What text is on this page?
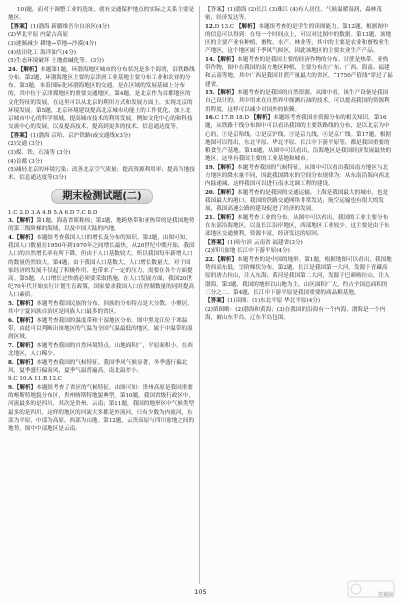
10)题，而对于调整工业的选址，就有交通保护地点的实际之关系主要是地区。

【答案】(1)渤海 新疆维吾尔自治区(4分)

(2)华北平原 内蒙古高原

(3)逐渐减少 耕地→草地→沙漠(4分)

(4)盐田化工 海洋油气(4分)

(5)生态环境破坏 土地盐碱化等。(3分)

24.【解析】本题第1题，环渤海地区城市的分布状况是多个海湾，沿铁路线分布。第2题，环渤海地区主要的京津唐工业基地主要分布工业和农业的分布。第3题，本着国际化环渤海地区的交通，是在区域的发展基础上分布的，其中位于京津冀地区的重要交通地区。第4题，是北京作为首都地区的文化特征的发展，在这里可以从北京的利用方式和发展方面上，实现北京的环境发展。第5题，北京环境建设提高北京城市功能上的工作优化，加上北京城市中心的科学领域，提高城市技术的利用发展，例如文化中心的和科技交流中心的发展，以及提高技术，提高到更多的技术、信息通达度等。

【答案】(1)渤海 京哈、京沪铁路(或交通线)(3分)

(2)交通 (3分)

(3)煤、铁、石油等 (3分)

(4)首都 (3分)

(5)减轻北京的环境污染；改善北京空气质量；提高资源利用率；提高当地技术、信息通达度等(3分)

期末检测试题(二)

1.C 2.D 3.A 4.B 5.A 6.D 7.C 8.D

3.【解析】第1题，海南省简称琼；第2题，地跨热带和亚热带的是我国地势的第三级阶梯的海域，以及中国大陆的内地。

4.【解析】本题组考查我国人口的增长及分布的知识。第3题，由图可知，我国人口数量在1950年到1970年之间增长最快，从20世纪中期开始，我国人口的自然增长率有所下降，但由于人口基数较大，所以我国每年新增人口的数量仍然较大。第4题，由于我国人口基数大，人口增长数量大，对于国家经济的发展不仅起了积极作用，也带来了一定的压力，需要在各个方面提高。第5题，人口增长过快就必须要采取措施，在人口发展方面，我国20世纪70年代开始实行计划生育政策，国家要求我国人口在控制数量的同时提高人口素质。

5.【解析】本题考查我国民族的分布。回族的分布特点是大分散、小聚居，其中宁夏回族自治区是回族人口最多的省区。

6.【解析】本题考查我国的温度带和干湿地区分布。图中黑龙江位于寒温带，由此可以判断出该地区的气温为全国气温最低的地区，属于中温带的湿润区域。

7.【解析】本题考查我国的自然环境特点。山地面积广，平原面积小，在西北地区，人口稀少。

8.【解析】本题考查我国的气候特征。我国季风气候显著，冬季盛行偏北风，夏季盛行偏南风，夏季气温普遍高，南北温差小。

9.C 10.A 11.B 12.C

9.【解析】本题组考查了省区的气候特征，由图可知：贵州高原是我国重要的喀斯特地貌分布区，贵州喀斯特地貌典型。第10题，我国省级行政区中，河流最多的是四川，其次是贵州、云南；第11题，我国的地形区中气候类型最多的是四川，这样的地区的河流大多都是外流河，只有少数为内流河，东部为平原，中部为高原，西部为山地。第12题，云贵高原与四川盆地之间的地势，图中中部地区是云南。

【答案】(1)渤海 (2)长江 (3)珠江 (4)有人居住，气候温暖湿润，森林茂密，经济发达等。

12.D 13.C 【解析】本题组考查的是学生的读图能力。第12题，根据图中的信息可以得到：在每一个时间点上，可以对比图中的数据。第13题，该地区的主要产业有种植、畜牧、水产、林业等，其中的主要是农业和畜牧业生产地区，这个地区属于季风气候区，因此该地区的主要农业生产产品。

14.【解析】本题考查的是我国主要的经济作物的分布。甘蔗是热带、亚热带作物，图中在我国的南方地区种植，主要分布在广东、广西、海南、福建和云南等地，其中广西是我国甘蔗产量最大的省区，“1750产值线”穿过了福建省。

15.【解析】本题考查的是我国的自然资源。从图中看，该生产设备是我国自己设计的，其中用来在自然界中探测石油的技术，可以提高我国的资源利用程度，这样可以减少对国外的依赖。

16.C 17.B 18.D 【解析】本题组考查我国水资源分布的相关知识。第16题，从铁路干线分布图中可以看出我国的主要铁路线的分布，是以北京为中心的，①是京哈线，②是京沪线，③是京九线，④是京广线。第17题，根据地图可以得出，东北平原、华北平原、长江中下游平原等，都是我国重要的粮食生产基地。第18题，从图中可以看出，沿海地区是我国经济发展最快的地区，这里有我国主要的工业基地和城市。

19.【解析】本题考查我国的气候特征。从图中可以看出我国南方地区与北方地区的降水量不同，因此我国降水的空间分布规律为：从东南沿海向西北内陆递减，这样我国可以进行南水北调工程的建设。

20.【解析】本题考查的是我国的交通运输。上海是我国最大的城市，也是我国最大的港口，我国的铁路交通网络非常发达，航空运输也有很大的发展，我国高速公路的建设促进了经济的发展。

21.【解析】本题考查工业的分布。从图中可以看出，我国的工业主要分布在东部沿海地区，以及长江沿岸地区，西部地区工业较少。这主要是由于东部地区交通便利，资源丰富，经济发达的原因。

【答案】(1)哈尔滨 云南省 福建省(3分)

(2)四川盆地 长江中下游平原(4分)

22.【解析】本题考查的是中国的地形。第1题，根据地图可以看出，我国地势西高东低，呈阶梯状分布。第2题，长江是我国第一大河，发源于青藏高原的唐古拉山，注入东海；黄河是我国第二大河，发源于巴颜喀拉山，注入渤海。第3题，我国的地形以山地为主，山区面积广大，约占全国总面积的三分之二。第4题，长江中下游平原是我国重要的商品粮基地。

【答案】(1)读图：(1)东北平原 华北平原(4分)

(2)填图略：(2)渤海和黄海；(3)在我国的沿海有一个内海，渤海是一个内海，被山东半岛、辽东半岛包围。

105	答案圈
